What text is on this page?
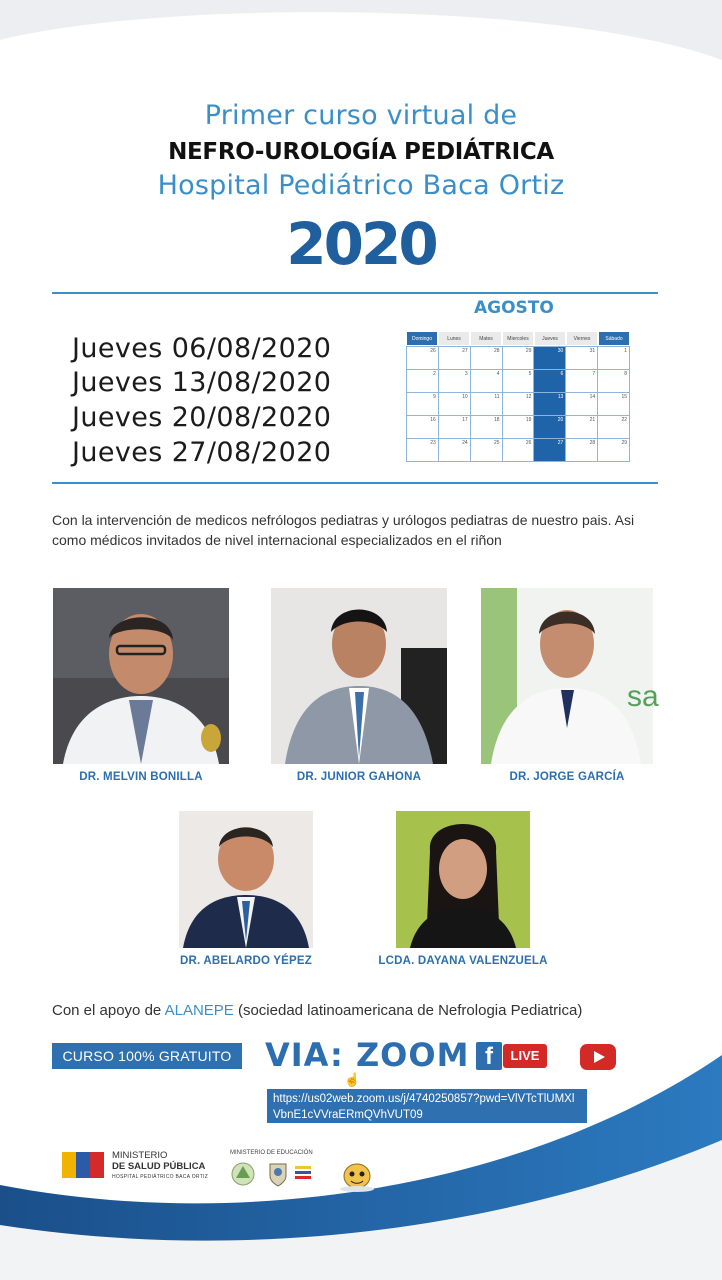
Primer curso virtual de
NEFRO-UROLOGÍA PEDIÁTRICA
Hospital Pediátrico Baca Ortiz
2020
AGOSTO
Jueves 06/08/2020
Jueves 13/08/2020
Jueves 20/08/2020
Jueves 27/08/2020
Domingo	Lunes	Mates	Miercoles	Jueves	Viernes	Sábado
26	27	28	29	30	31	1
2	3	4	5	6	7	8
9	10	11	12	13	14	15
16	17	18	19	20	21	22
23	24	25	26	27	28	29
Con la intervención de medicos nefrólogos pediatras y urólogos pediatras de nuestro pais. Asi como médicos invitados de nivel internacional especializados en el riñon
sa
DR. MELVIN BONILLA	DR. JUNIOR GAHONA	DR. JORGE GARCÍA
DR. ABELARDO YÉPEZ	LCDA. DAYANA VALENZUELA
Con el apoyo de ALANEPE (sociedad latinoamericana de Nefrologia Pediatrica)
CURSO 100% GRATUITO	VIA: ZOOM f	LIVE
☝
https://us02web.zoom.us/j/4740250857?pwd=VlVTcTlUMXlVbnE1cVVraERmQVhVUT09
MINISTERIO
DE SALUD PÚBLICA
HOSPITAL PEDIÁTRICO BACA ORTIZ
MINISTERIO DE EDUCACIÓN
